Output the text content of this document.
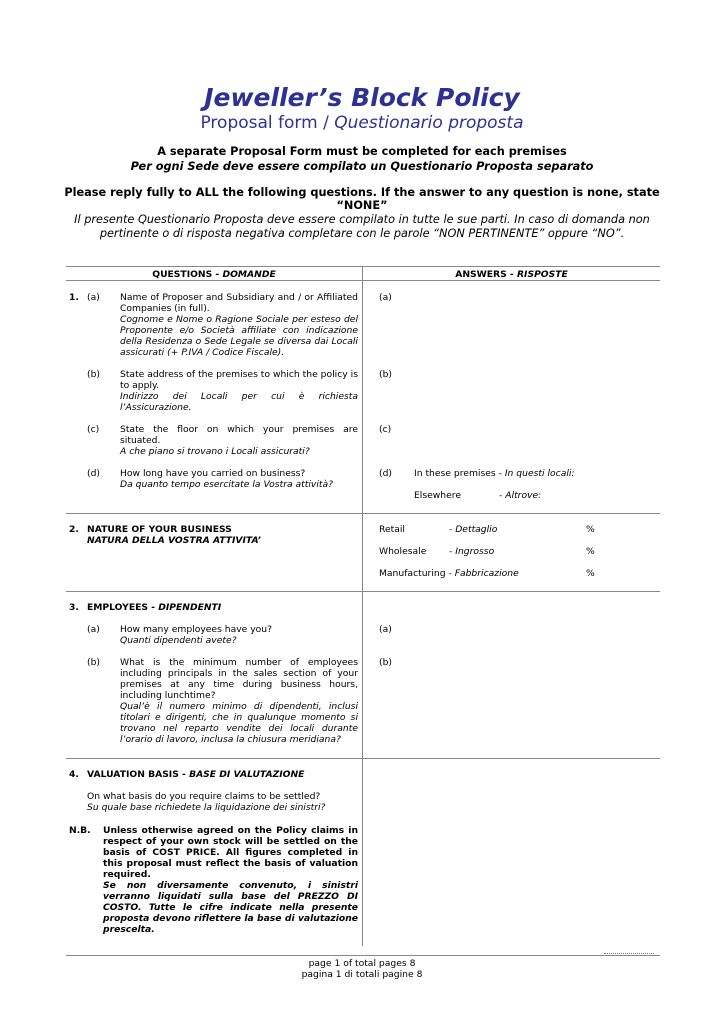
Jeweller’s Block Policy
Proposal form / Questionario proposta
A separate Proposal Form must be completed for each premises
Per ogni Sede deve essere compilato un Questionario Proposta separato
Please reply fully to ALL the following questions. If the answer to any question is none, state
“NONE”
Il presente Questionario Proposta deve essere compilato in tutte le sue parti. In caso di domanda non
pertinente o di risposta negativa completare con le parole “NON PERTINENTE” oppure “NO”.
QUESTIONS - DOMANDE	ANSWERS - RISPOSTE
1. (a) Name of Proposer and Subsidiary and / or Affiliated Companies (in full).
Cognome e Nome o Ragione Sociale per esteso del Proponente e/o Società affiliate con indicazione della Residenza o Sede Legale se diversa dai Locali assicurati (+ P.IVA / Codice Fiscale).
(a)
(b) State address of the premises to which the policy is to apply.
Indirizzo dei Locali per cui è richiesta l’Assicurazione.
(b)
(c) State the floor on which your premises are situated.
A che piano si trovano i Locali assicurati?
(c)
(d) How long have you carried on business?
Da quanto tempo esercitate la Vostra attività?
(d) In these premises - In questi locali:
Elsewhere	- Altrove:
2. NATURE OF YOUR BUSINESS
NATURA DELLA VOSTRA ATTIVITA’
Retail	- Dettaglio	%
Wholesale - Ingrosso	%
Manufacturing - Fabbricazione	%
3. EMPLOYEES - DIPENDENTI
(a) How many employees have you?
Quanti dipendenti avete?
(a)
(b) What is the minimum number of employees including principals in the sales section of your premises at any time during business hours, including lunchtime?
Qual’è il numero minimo di dipendenti, inclusi titolari e dirigenti, che in qualunque momento si trovano nel reparto vendite dei locali durante l’orario di lavoro, inclusa la chiusura meridiana?
(b)
4. VALUATION BASIS - BASE DI VALUTAZIONE
On what basis do you require claims to be settled?
Su quale base richiedete la liquidazione dei sinistri?
N.B. Unless otherwise agreed on the Policy claims in respect of your own stock will be settled on the basis of COST PRICE. All figures completed in this proposal must reflect the basis of valuation required.
Se non diversamente convenuto, i sinistri verranno liquidati sulla base del PREZZO DI COSTO. Tutte le cifre indicate nella presente proposta devono riflettere la base di valutazione prescelta.
page 1 of total pages 8
pagina 1 di totali pagine 8
